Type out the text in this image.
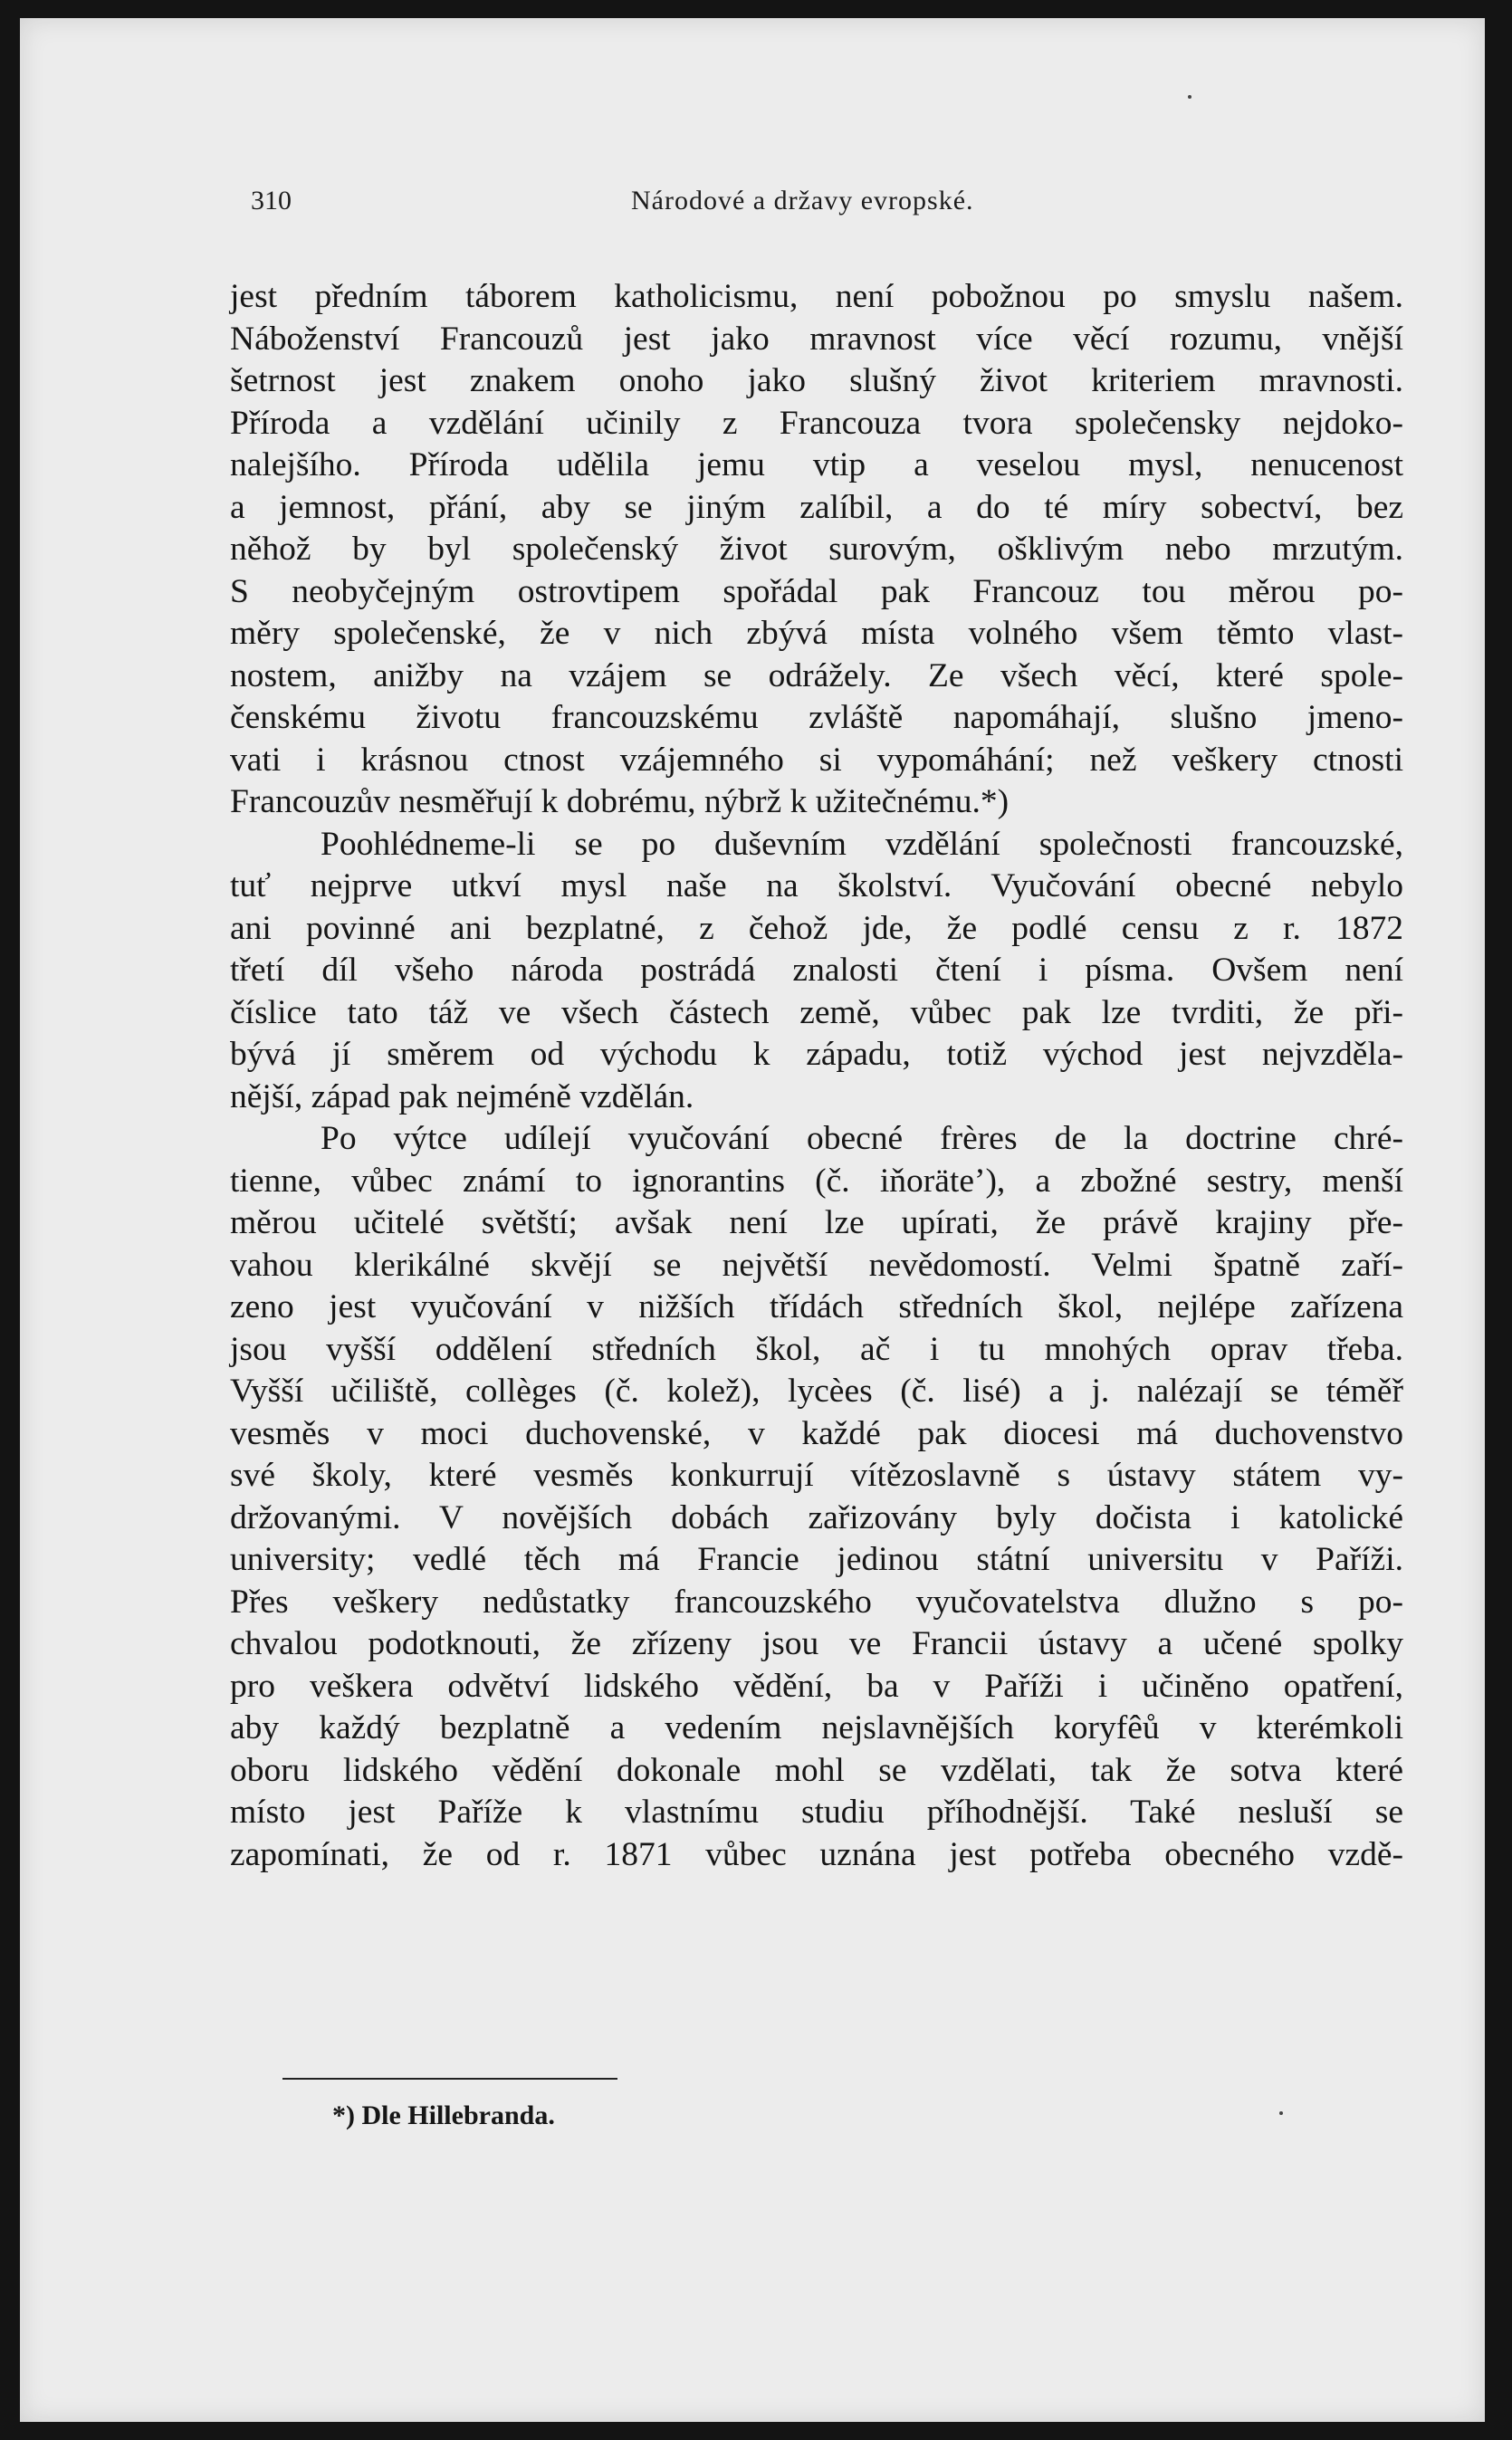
310	Národové a državy evropské.
jest předním táborem katholicismu, není pobožnou po smyslu našem.
Náboženství Francouzů jest jako mravnost více věcí rozumu, vnější
šetrnost jest znakem onoho jako slušný život kriteriem mravnosti.
Příroda a vzdělání učinily z Francouza tvora společensky nejdoko-
nalejšího. Příroda udělila jemu vtip a veselou mysl, nenucenost
a jemnost, přání, aby se jiným zalíbil, a do té míry sobectví, bez
něhož by byl společenský život surovým, ošklivým nebo mrzutým.
S neobyčejným ostrovtipem spořádal pak Francouz tou měrou po-
měry společenské, že v nich zbývá místa volného všem těmto vlast-
nostem, anižby na vzájem se odrážely. Ze všech věcí, které spole-
čenskému životu francouzskému zvláště napomáhají, slušno jmeno-
vati i krásnou ctnost vzájemného si vypomáhání; než veškery ctnosti
Francouzův nesměřují k dobrému, nýbrž k užitečnému.*)
Poohlédneme-li se po duševním vzdělání společnosti francouzské,
tuť nejprve utkví mysl naše na školství. Vyučování obecné nebylo
ani povinné ani bezplatné, z čehož jde, že podlé censu z r. 1872
třetí díl všeho národa postrádá znalosti čtení i písma. Ovšem není
číslice tato táž ve všech částech země, vůbec pak lze tvrditi, že při-
bývá jí směrem od východu k západu, totiž východ jest nejvzděla-
nější, západ pak nejméně vzdělán.
Po výtce udílejí vyučování obecné frères de la doctrine chré-
tienne, vůbec známí to ignorantins (č. iňoräte’), a zbožné sestry, menší
měrou učitelé světští; avšak není lze upírati, že právě krajiny pře-
vahou klerikálné skvějí se největší nevědomostí. Velmi špatně zaří-
zeno jest vyučování v nižších třídách středních škol, nejlépe zařízena
jsou vyšší oddělení středních škol, ač i tu mnohých oprav třeba.
Vyšší učiliště, collèges (č. kolež), lycèes (č. lisé) a j. nalézají se téměř
vesměs v moci duchovenské, v každé pak diocesi má duchovenstvo
své školy, které vesměs konkurrují vítězoslavně s ústavy státem vy-
držovanými. V novějších dobách zařizovány byly dočista i katolické
university; vedlé těch má Francie jedinou státní universitu v Paříži.
Přes veškery nedůstatky francouzského vyučovatelstva dlužno s po-
chvalou podotknouti, že zřízeny jsou ve Francii ústavy a učené spolky
pro veškera odvětví lidského vědění, ba v Paříži i učiněno opatření,
aby každý bezplatně a vedením nejslavnějších koryfêů v kterémkoli
oboru lidského vědění dokonale mohl se vzdělati, tak že sotva které
místo jest Paříže k vlastnímu studiu příhodnější. Také nesluší se
zapomínati, že od r. 1871 vůbec uznána jest potřeba obecného vzdě-
*) Dle Hillebranda.
